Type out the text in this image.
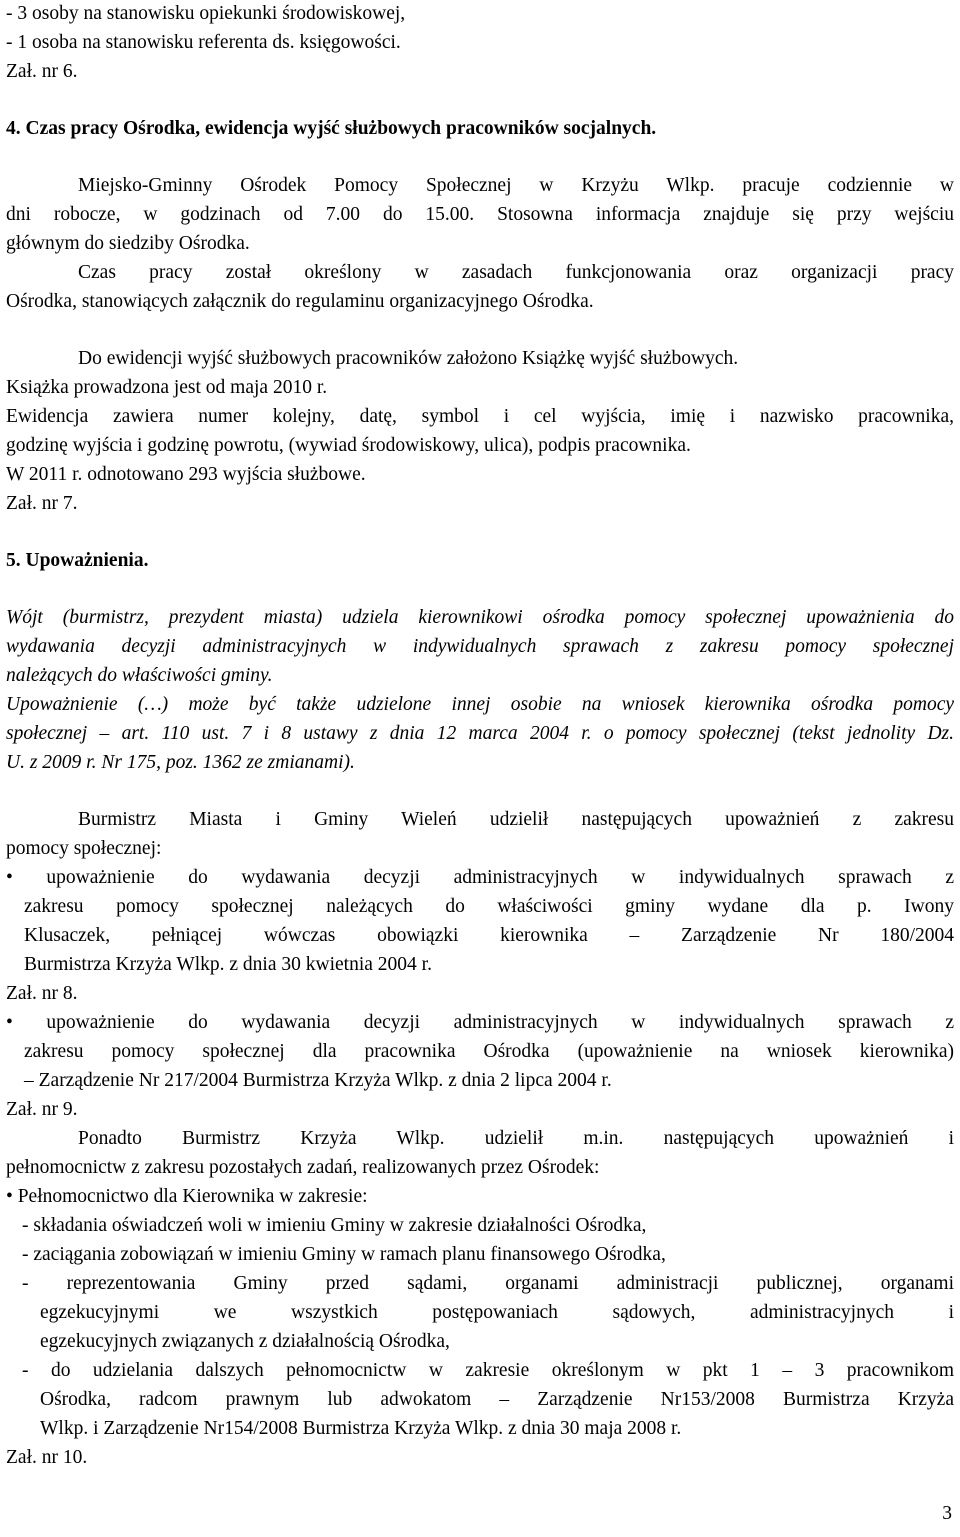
- 3 osoby na stanowisku opiekunki środowiskowej,
- 1 osoba na stanowisku referenta ds. księgowości.
Zał. nr 6.
4. Czas pracy Ośrodka, ewidencja wyjść służbowych pracowników socjalnych.
Miejsko-Gminny Ośrodek Pomocy Społecznej w Krzyżu Wlkp. pracuje codziennie w
dni robocze, w godzinach od 7.00 do 15.00. Stosowna informacja znajduje się przy wejściu
głównym do siedziby Ośrodka.
Czas pracy został określony w zasadach funkcjonowania oraz organizacji pracy
Ośrodka, stanowiących załącznik do regulaminu organizacyjnego Ośrodka.
Do ewidencji wyjść służbowych pracowników założono Książkę wyjść służbowych.
Książka prowadzona jest od maja 2010 r.
Ewidencja zawiera numer kolejny, datę, symbol i cel wyjścia, imię i nazwisko pracownika,
godzinę wyjścia i godzinę powrotu, (wywiad środowiskowy, ulica), podpis pracownika.
W 2011 r. odnotowano 293 wyjścia służbowe.
Zał. nr 7.
5. Upoważnienia.
Wójt (burmistrz, prezydent miasta) udziela kierownikowi ośrodka pomocy społecznej upoważnienia do
wydawania decyzji administracyjnych w indywidualnych sprawach z zakresu pomocy społecznej
należących do właściwości gminy.
Upoważnienie (…) może być także udzielone innej osobie na wniosek kierownika ośrodka pomocy
społecznej – art. 110 ust. 7 i 8 ustawy z dnia 12 marca 2004 r. o pomocy społecznej (tekst jednolity Dz.
U. z 2009 r. Nr 175, poz. 1362 ze zmianami).
Burmistrz Miasta i Gminy Wieleń udzielił następujących upoważnień z zakresu
pomocy społecznej:
• upoważnienie do wydawania decyzji administracyjnych w indywidualnych sprawach z
zakresu pomocy społecznej należących do właściwości gminy wydane dla p. Iwony
Klusaczek, pełniącej wówczas obowiązki kierownika – Zarządzenie Nr 180/2004
Burmistrza Krzyża Wlkp. z dnia 30 kwietnia 2004 r.
Zał. nr 8.
• upoważnienie do wydawania decyzji administracyjnych w indywidualnych sprawach z
zakresu pomocy społecznej dla pracownika Ośrodka (upoważnienie na wniosek kierownika)
– Zarządzenie Nr 217/2004 Burmistrza Krzyża Wlkp. z dnia 2 lipca 2004 r.
Zał. nr 9.
Ponadto Burmistrz Krzyża Wlkp. udzielił m.in. następujących upoważnień i
pełnomocnictw z zakresu pozostałych zadań, realizowanych przez Ośrodek:
• Pełnomocnictwo dla Kierownika w zakresie:
- składania oświadczeń woli w imieniu Gminy w zakresie działalności Ośrodka,
- zaciągania zobowiązań w imieniu Gminy w ramach planu finansowego Ośrodka,
- reprezentowania Gminy przed sądami, organami administracji publicznej, organami
egzekucyjnymi we wszystkich postępowaniach sądowych, administracyjnych i
egzekucyjnych związanych z działalnością Ośrodka,
- do udzielania dalszych pełnomocnictw w zakresie określonym w pkt 1 – 3 pracownikom
Ośrodka, radcom prawnym lub adwokatom – Zarządzenie Nr153/2008 Burmistrza Krzyża
Wlkp. i Zarządzenie Nr154/2008 Burmistrza Krzyża Wlkp. z dnia 30 maja 2008 r.
Zał. nr 10.
3
